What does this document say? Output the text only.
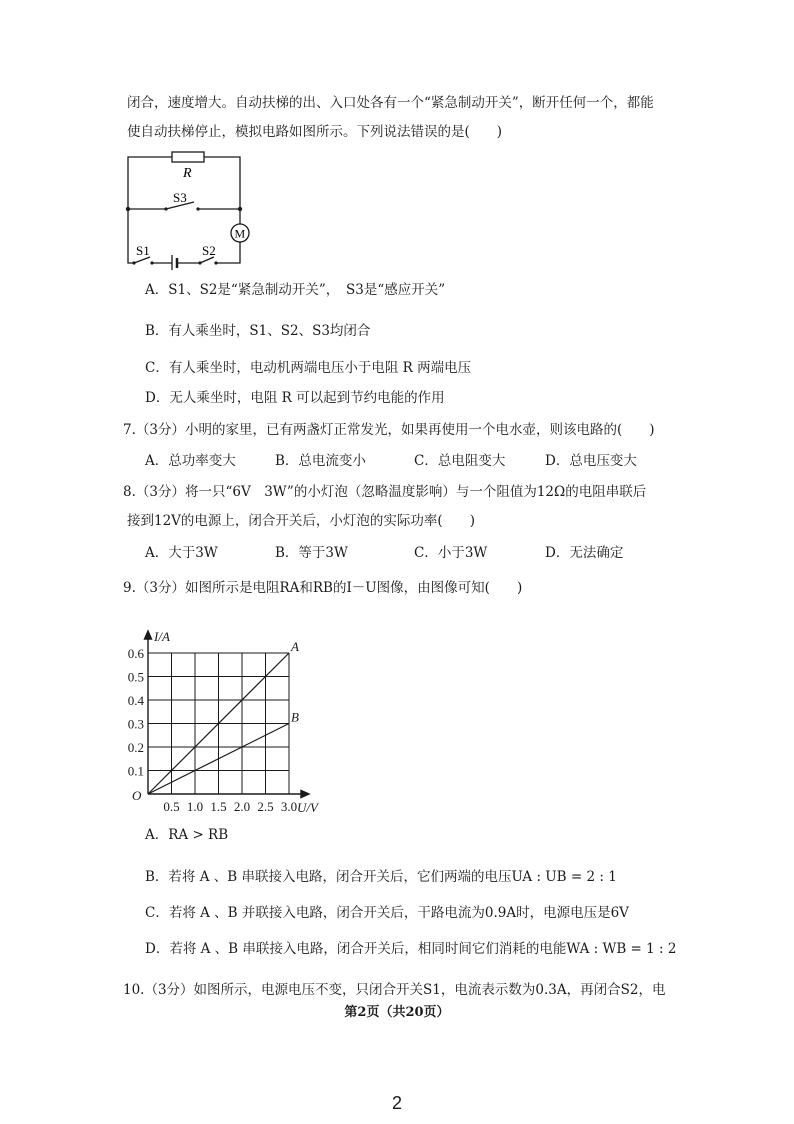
闭合，速度增大。自动扶梯的出、入口处各有一个“紧急制动开关”，断开任何一个，都能
使自动扶梯停止，模拟电路如图所示。下列说法错误的是(　　)
R
S3
S1	S2
M
A．S1、S2是“紧急制动开关”，　S3是“感应开关”
B．有人乘坐时，S1、S2、S3均闭合
C．有人乘坐时，电动机两端电压小于电阻 R 两端电压
D．无人乘坐时，电阻 R 可以起到节约电能的作用
7.（3分）小明的家里，已有两盏灯正常发光，如果再使用一个电水壶，则该电路的(　　)
A．总功率变大	B．总电流变小	C．总电阻变大	D．总电压变大
8.（3分）将一只“6V　3W”的小灯泡（忽略温度影响）与一个阻值为12Ω的电阻串联后
接到12V的电源上，闭合开关后，小灯泡的实际功率(　　)
A．大于3W	B．等于3W	C．小于3W	D．无法确定
9.（3分）如图所示是电阻RA和RB的I－U图像，由图像可知(　　)
A
B
0.5 1.0 1.5 2.0 2.5 3.0
0.1
0.2
0.3
0.4
0.5
0.6
O
U/V
I/A
A．RA > RB
B．若将 A 、B 串联接入电路，闭合开关后，它们两端的电压UA : UB = 2 : 1
C．若将 A 、B 并联接入电路，闭合开关后，干路电流为0.9A时，电源电压是6V
D．若将 A 、B 串联接入电路，闭合开关后，相同时间它们消耗的电能WA : WB = 1 : 2
10.（3分）如图所示，电源电压不变，只闭合开关S1，电流表示数为0.3A，再闭合S2，电
第2页（共20页）
2
